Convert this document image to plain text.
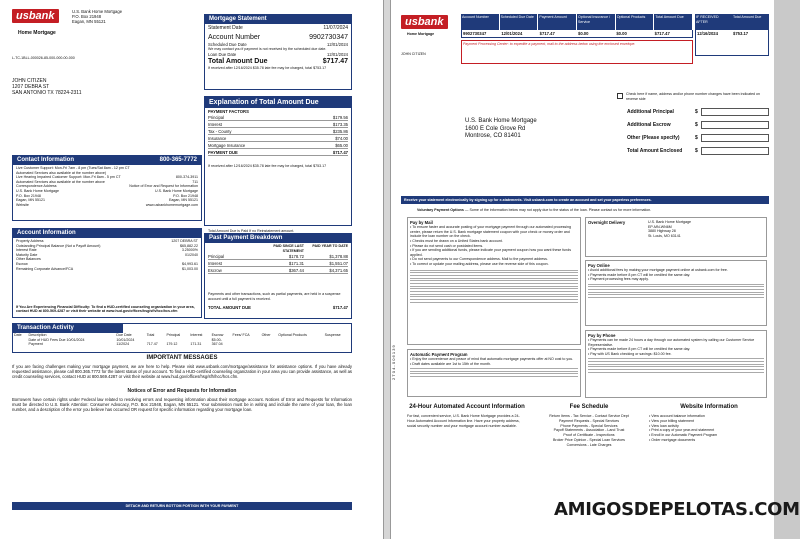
usbank	U.S. Bank Home Mortgage
P.O. Box 21948
Eagan, MN 55121
Home Mortgage
L-TC-1BLL-000026-85-000-000-00-000
JOHN CITIZEN
1207 DEBRA ST
SAN ANTONIO TX 78224-2311
Mortgage Statement
Statement Date	11/07/2024
Account Number	9902730347
Scheduled Due Date	12/01/2024
We may contact you if payment is not received by the scheduled due date.
Loan Due Date	12/01/2024
Total Amount Due	$717.47
If received after 12/16/2024 $35.78 late fee may be charged, total $753.17
Explanation of Total Amount Due
PAYMENT FACTORS
Principal	$179.56
Interest	$173.35
Tax - County	$235.86
Insurance	$74.00
Mortgage Insurance	$65.00
PAYMENT DUE	$717.47
If received after 12/16/2024 $35.78 late fee may be charged, total $753.17
Total Amount Due is Paid If no Reinstatement amount.
Contact Information	800-365-7772
Live Customer Support: Mon-Fri 7am - 8 pm (Tues/Sat 8am - 12 pm CT Automated Services also available at the number above)
Live Hearing Impaired Customer Support: Mon-Fri 8am - 5 pm CT	800-374-3911
Automated Services also available at the number above	711
Correspondence Address	Notice of Error and Request for Information
U.S. Bank Home Mortgage	U.S. Bank Home Mortgage
P.O. Box 21948	P.O. Box 21948
Eagan, MN 55121	Eagan, MN 55121
Website	www.usbankhomemortgage.com
Account Information
Property Address	1207 DEBRA ST
Outstanding Principal Balance (Not a Payoff Amount)	$65,882.22
Interest Rate	3.25000%
Maturity Date	01/2040
Other Balances
Escrow	$4,993.61
Remaining Corporate Advance/FCA	$1,003.00
If You Are Experiencing Financial Difficulty: To find a HUD-certified counseling organization in your area, contact HUD at 800-569-4287 or visit their website at www.hud.gov/offices/hsg/sfh/hcc/hcs.cfm
Past Payment Breakdown
PAID SINCE LAST STATEMENT
PAID YEAR TO DATE
Principal	$178.72	$1,378.88
Interest	$171.31	$1,551.07
Escrow	$367.44	$4,371.65
Payments and other transactions, such as partial payments, are held in a suspense account until a full payment is received.
TOTAL AMOUNT DUE	$717.47
Transaction Activity
Date	Description	Due Date	Total	Principal	Interest	Escrow	Fees/ FCA	Other	Optional Products	Suspense
	Date of HUD Fees Due 10/01/2024	10/01/2024				$5.00-				
	Payment	11/2024	717.47	179.12	171.31	367.04				
IMPORTANT MESSAGES
If you are facing challenges making your mortgage payment, we are here to help. Please visit www.usbank.com/mortgage/assistance for assistance options. If you have already requested assistance, please call 800.365.7772 for the latest status of your account. To find a HUD-certified counseling organization in your area you can provide assistance, as well as credit counseling services, contact HUD at 800.569.4287 or visit their website at www.hud.gov/offices/hsg/sfh/hcc/hcs.cfm.
Notices of Error and Requests for Information
Borrowers have certain rights under Federal law related to resolving errors and requesting information about their mortgage account. Notices of Error and Requests for Information must be directed to U.S. Bank Attention: Consumer Advocacy, P.O. Box 21948, Eagan, MN 55121. Your submission must be in writing and include the name of your loan, the loan number, and a description of the error you believe has occurred OR request for specific information regarding your mortgage loan.
DETACH AND RETURN BOTTOM PORTION WITH YOUR PAYMENT
usbank
Home Mortgage
Account Number	Scheduled Due Date	Payment Amount	Optional Insurance / Service
Optional Products	Total Amount Due
9902730347	12/01/2024	$717.47	$0.00	$0.00	$717.47
Payment Processing Center: to expedite a payment, mail to the address below using the enclosed envelope.
IF RECEIVED AFTER
Total Amount Due
12/16/2024	$753.17
JOHN CITIZEN
Check here if name, address and/or phone number changes have been indicated on reverse side
Additional Principal	$
Additional Escrow	$
Other (Please specify)	$
Total Amount Enclosed	$
U.S. Bank Home Mortgage
1600 E Cole Grove Rd
Montrose, CO 81401
2 T 0 4 - 0 0 6 1 3 9
Receive your statement electronically by signing up for e-statements. Visit usbank.com to create an account and set your paperless preferences.
Voluntary Payment Options — Some of the information below may not apply due to the status of the loan. Please contact us for more information.
Pay by Mail
• To ensure faster and accurate posting of your mortgage payment through our automated processing center, please return the U.S. Bank mortgage statement coupon with your check or money order and include the loan number on the check.
• Checks must be drawn on a United States bank account.
• Please do not send cash or postdated items.
• If you are sending additional funds, please indicate your payment coupon how you want these funds applied.
• Do not send payments to our Correspondence address. Mail to the payment address.
• To correct or update your mailing address, please use the reverse side of this coupon.
Overnight Delivery	U.S. Bank Home Mortgage
EP-MN-WN6M
3880 Highway 28
St. Louis, MO 63141
Pay Online
• Avoid additional fees by making your mortgage payment online at usbank.com for free.
• Payments made before 8 pm CT will be credited the same day.
• Payment processing fees may apply.
Pay by Phone
• Payments can be made 24 hours a day through our automated system by calling our Customer Service Representative.
• Payments made before 8 pm CT will be credited the same day.
• Pay with US Bank checking or savings: $10.00 fee.
Automatic Payment Program
• Enjoy the convenience and peace of mind that automatic mortgage payments offer at NO cost to you.
• Draft dates available are 1st to 15th of the month.
24-Hour Automated Account Information
For fast, convenient service, U.S. Bank Home Mortgage provides a 24-Hour Automated Account Information line. Have your property address, social security number and your mortgage account number available.
Fee Schedule
Return Items - Tax Service - Contact Service Dept
Payment Requests - Special Services
Phone Payments - Special Services
Payoff Statements - Association - Land Trust
Proof of Certificate - Inspections
Broker Price Opinion - Special Loan Services
Conversions - Late Charges
Website Information
• View account balance information
• View your billing statement
• View loan activity
• Print a copy of your year-end statement
• Enroll in our Automatic Payment Program
• Order mortgage documents
AMIGOSDEPELOTAS.COM
